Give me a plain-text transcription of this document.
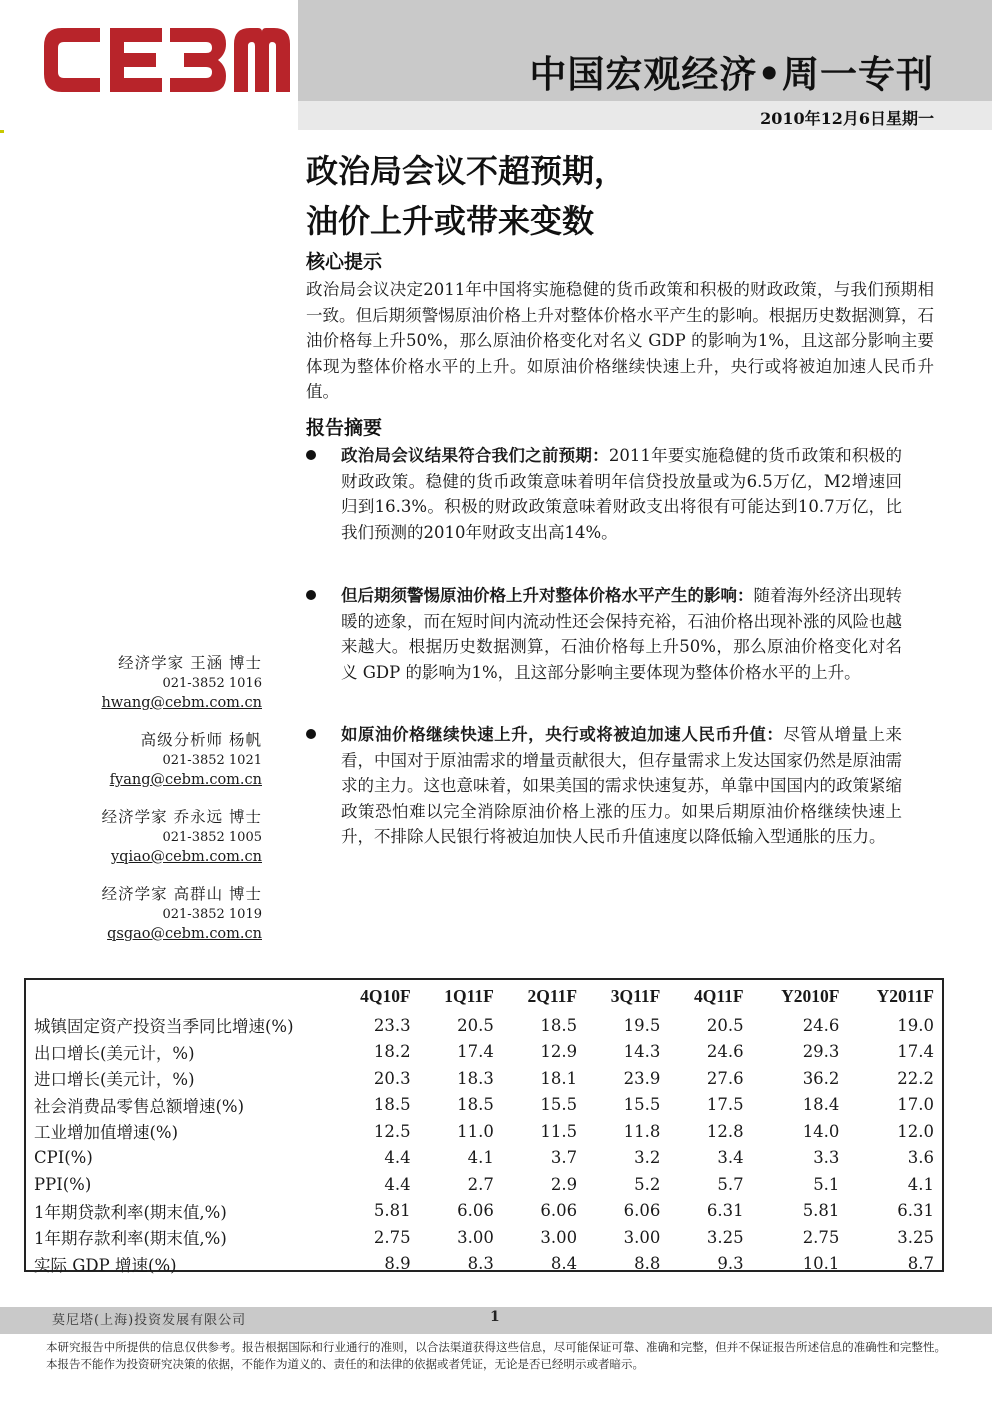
中国宏观经济•周一专刊
2010年12月6日星期一
政治局会议不超预期，
油价上升或带来变数
核心提示
政治局会议决定2011年中国将实施稳健的货币政策和积极的财政政策，与我们预期相一致。但后期须警惕原油价格上升对整体价格水平产生的影响。根据历史数据测算，石油价格每上升50%，那么原油价格变化对名义 GDP 的影响为1%，且这部分影响主要体现为整体价格水平的上升。如原油价格继续快速上升，央行或将被迫加速人民币升值。
报告摘要
政治局会议结果符合我们之前预期：2011年要实施稳健的货币政策和积极的财政政策。稳健的货币政策意味着明年信贷投放量或为6.5万亿，M2增速回归到16.3%。积极的财政政策意味着财政支出将很有可能达到10.7万亿，比我们预测的2010年财政支出高14%。
但后期须警惕原油价格上升对整体价格水平产生的影响：随着海外经济出现转暖的迹象，而在短时间内流动性还会保持充裕，石油价格出现补涨的风险也越来越大。根据历史数据测算，石油价格每上升50%，那么原油价格变化对名义 GDP 的影响为1%，且这部分影响主要体现为整体价格水平的上升。
如原油价格继续快速上升，央行或将被迫加速人民币升值：尽管从增量上来看，中国对于原油需求的增量贡献很大，但存量需求上发达国家仍然是原油需求的主力。这也意味着，如果美国的需求快速复苏，单靠中国国内的政策紧缩政策恐怕难以完全消除原油价格上涨的压力。如果后期原油价格继续快速上升，不排除人民银行将被迫加快人民币升值速度以降低输入型通胀的压力。
经济学家 王涵 博士
021-3852 1016
hwang@cebm.com.cn
高级分析师 杨帆
021-3852 1021
fyang@cebm.com.cn
经济学家 乔永远 博士
021-3852 1005
yqiao@cebm.com.cn
经济学家 高群山 博士
021-3852 1019
qsgao@cebm.com.cn
	4Q10F	1Q11F	2Q11F	3Q11F	4Q11F	Y2010F	Y2011F
城镇固定资产投资当季同比增速(%)	23.3	20.5	18.5	19.5	20.5	24.6	19.0
出口增长(美元计，%)	18.2	17.4	12.9	14.3	24.6	29.3	17.4
进口增长(美元计，%)	20.3	18.3	18.1	23.9	27.6	36.2	22.2
社会消费品零售总额增速(%)	18.5	18.5	15.5	15.5	17.5	18.4	17.0
工业增加值增速(%)	12.5	11.0	11.5	11.8	12.8	14.0	12.0
CPI(%)	4.4	4.1	3.7	3.2	3.4	3.3	3.6
PPI(%)	4.4	2.7	2.9	5.2	5.7	5.1	4.1
1年期贷款利率(期末值,%)	5.81	6.06	6.06	6.06	6.31	5.81	6.31
1年期存款利率(期末值,%)	2.75	3.00	3.00	3.00	3.25	2.75	3.25
实际 GDP 增速(%)	8.9	8.3	8.4	8.8	9.3	10.1	8.7
莫尼塔(上海)投资发展有限公司	1
本研究报告中所提供的信息仅供参考。报告根据国际和行业通行的准则，以合法渠道获得这些信息，尽可能保证可靠、准确和完整，但并不保证报告所述信息的准确性和完整性。本报告不能作为投资研究决策的依据，不能作为道义的、责任的和法律的依据或者凭证，无论是否已经明示或者暗示。
